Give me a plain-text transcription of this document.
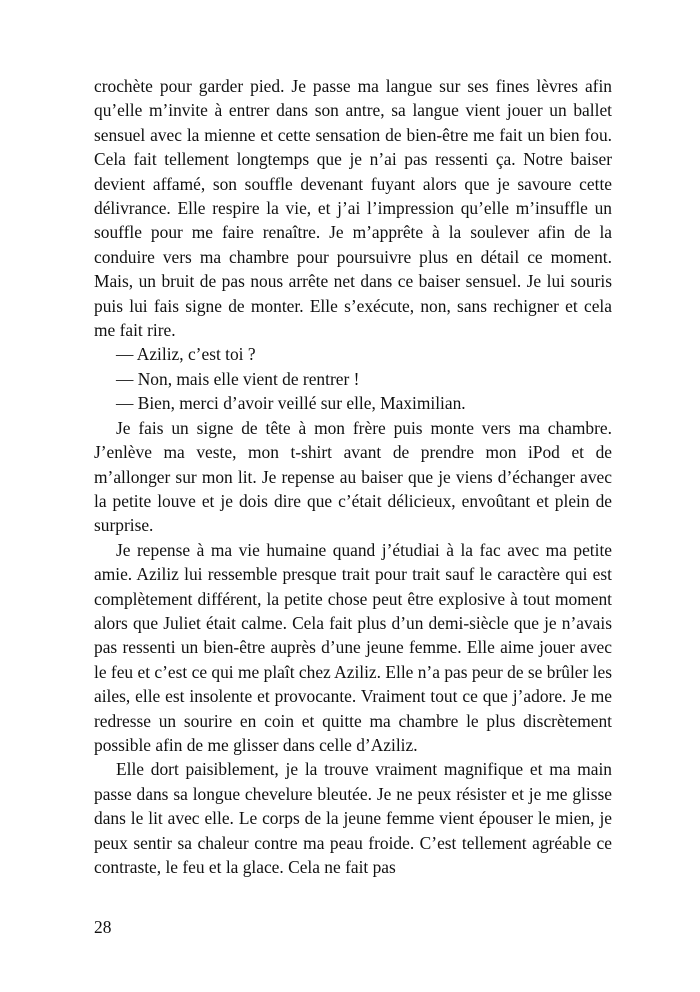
crochète pour garder pied. Je passe ma langue sur ses fines lèvres afin qu’elle m’invite à entrer dans son antre, sa langue vient jouer un ballet sensuel avec la mienne et cette sensation de bien-être me fait un bien fou. Cela fait tellement longtemps que je n’ai pas ressenti ça. Notre baiser devient affamé, son souffle devenant fuyant alors que je savoure cette délivrance. Elle respire la vie, et j’ai l’impression qu’elle m’insuffle un souffle pour me faire renaître. Je m’apprête à la soulever afin de la conduire vers ma chambre pour poursuivre plus en détail ce moment. Mais, un bruit de pas nous arrête net dans ce baiser sensuel. Je lui souris puis lui fais signe de monter. Elle s’exécute, non, sans rechigner et cela me fait rire.

— Aziliz, c’est toi ?

— Non, mais elle vient de rentrer !

— Bien, merci d’avoir veillé sur elle, Maximilian.

Je fais un signe de tête à mon frère puis monte vers ma chambre. J’enlève ma veste, mon t-shirt avant de prendre mon iPod et de m’allonger sur mon lit. Je repense au baiser que je viens d’échanger avec la petite louve et je dois dire que c’était délicieux, envoûtant et plein de surprise.

Je repense à ma vie humaine quand j’étudiai à la fac avec ma petite amie. Aziliz lui ressemble presque trait pour trait sauf le caractère qui est complètement différent, la petite chose peut être explosive à tout moment alors que Juliet était calme. Cela fait plus d’un demi-siècle que je n’avais pas ressenti un bien-être auprès d’une jeune femme. Elle aime jouer avec le feu et c’est ce qui me plaît chez Aziliz. Elle n’a pas peur de se brûler les ailes, elle est insolente et provocante. Vraiment tout ce que j’adore. Je me redresse un sourire en coin et quitte ma chambre le plus discrètement possible afin de me glisser dans celle d’Aziliz.

Elle dort paisiblement, je la trouve vraiment magnifique et ma main passe dans sa longue chevelure bleutée. Je ne peux résister et je me glisse dans le lit avec elle. Le corps de la jeune femme vient épouser le mien, je peux sentir sa chaleur contre ma peau froide. C’est tellement agréable ce contraste, le feu et la glace. Cela ne fait pas

28
